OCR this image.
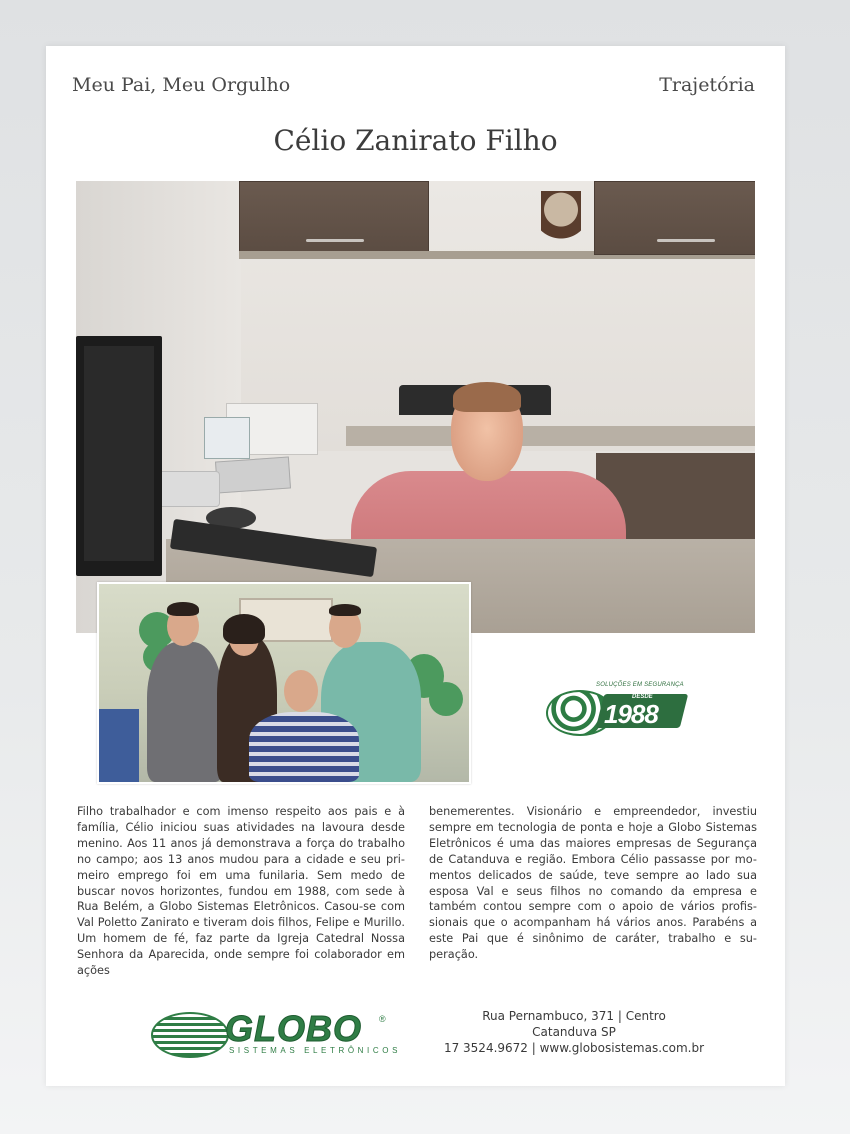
Meu Pai, Meu Orgulho	Trajetória
Célio Zanirato Filho
SOLUÇÕES EM SEGURANÇA
DESDE
1988
Filho trabalhador e com imenso respeito aos pais e à família, Célio iniciou suas atividades na lavoura desde menino. Aos 11 anos já demonstrava a força do trabalho no campo; aos 13 anos mudou para a cidade e seu pri-meiro emprego foi em uma funilaria. Sem medo de buscar novos horizontes, fundou em 1988, com sede à Rua Belém, a Globo Sistemas Eletrônicos. Casou-se com Val Poletto Zanirato e tiveram dois filhos, Felipe e Murillo. Um homem de fé, faz parte da Igreja Catedral Nossa Senhora da Aparecida, onde sempre foi colaborador em ações
benemerentes. Visionário e empreendedor, investiu sempre em tecnologia de ponta e hoje a Globo Sistemas Eletrônicos é uma das maiores empresas de Segurança de Catanduva e região. Embora Célio passasse por mo-mentos delicados de saúde, teve sempre ao lado sua esposa Val e seus filhos no comando da empresa e também contou sempre com o apoio de vários profis-sionais que o acompanham há vários anos. Parabéns a este Pai que é sinônimo de caráter, trabalho e su-peração.
GLOBO ®
SISTEMAS ELETRÔNICOS
Rua Pernambuco, 371 | Centro
Catanduva SP
17 3524.9672 | www.globosistemas.com.br
